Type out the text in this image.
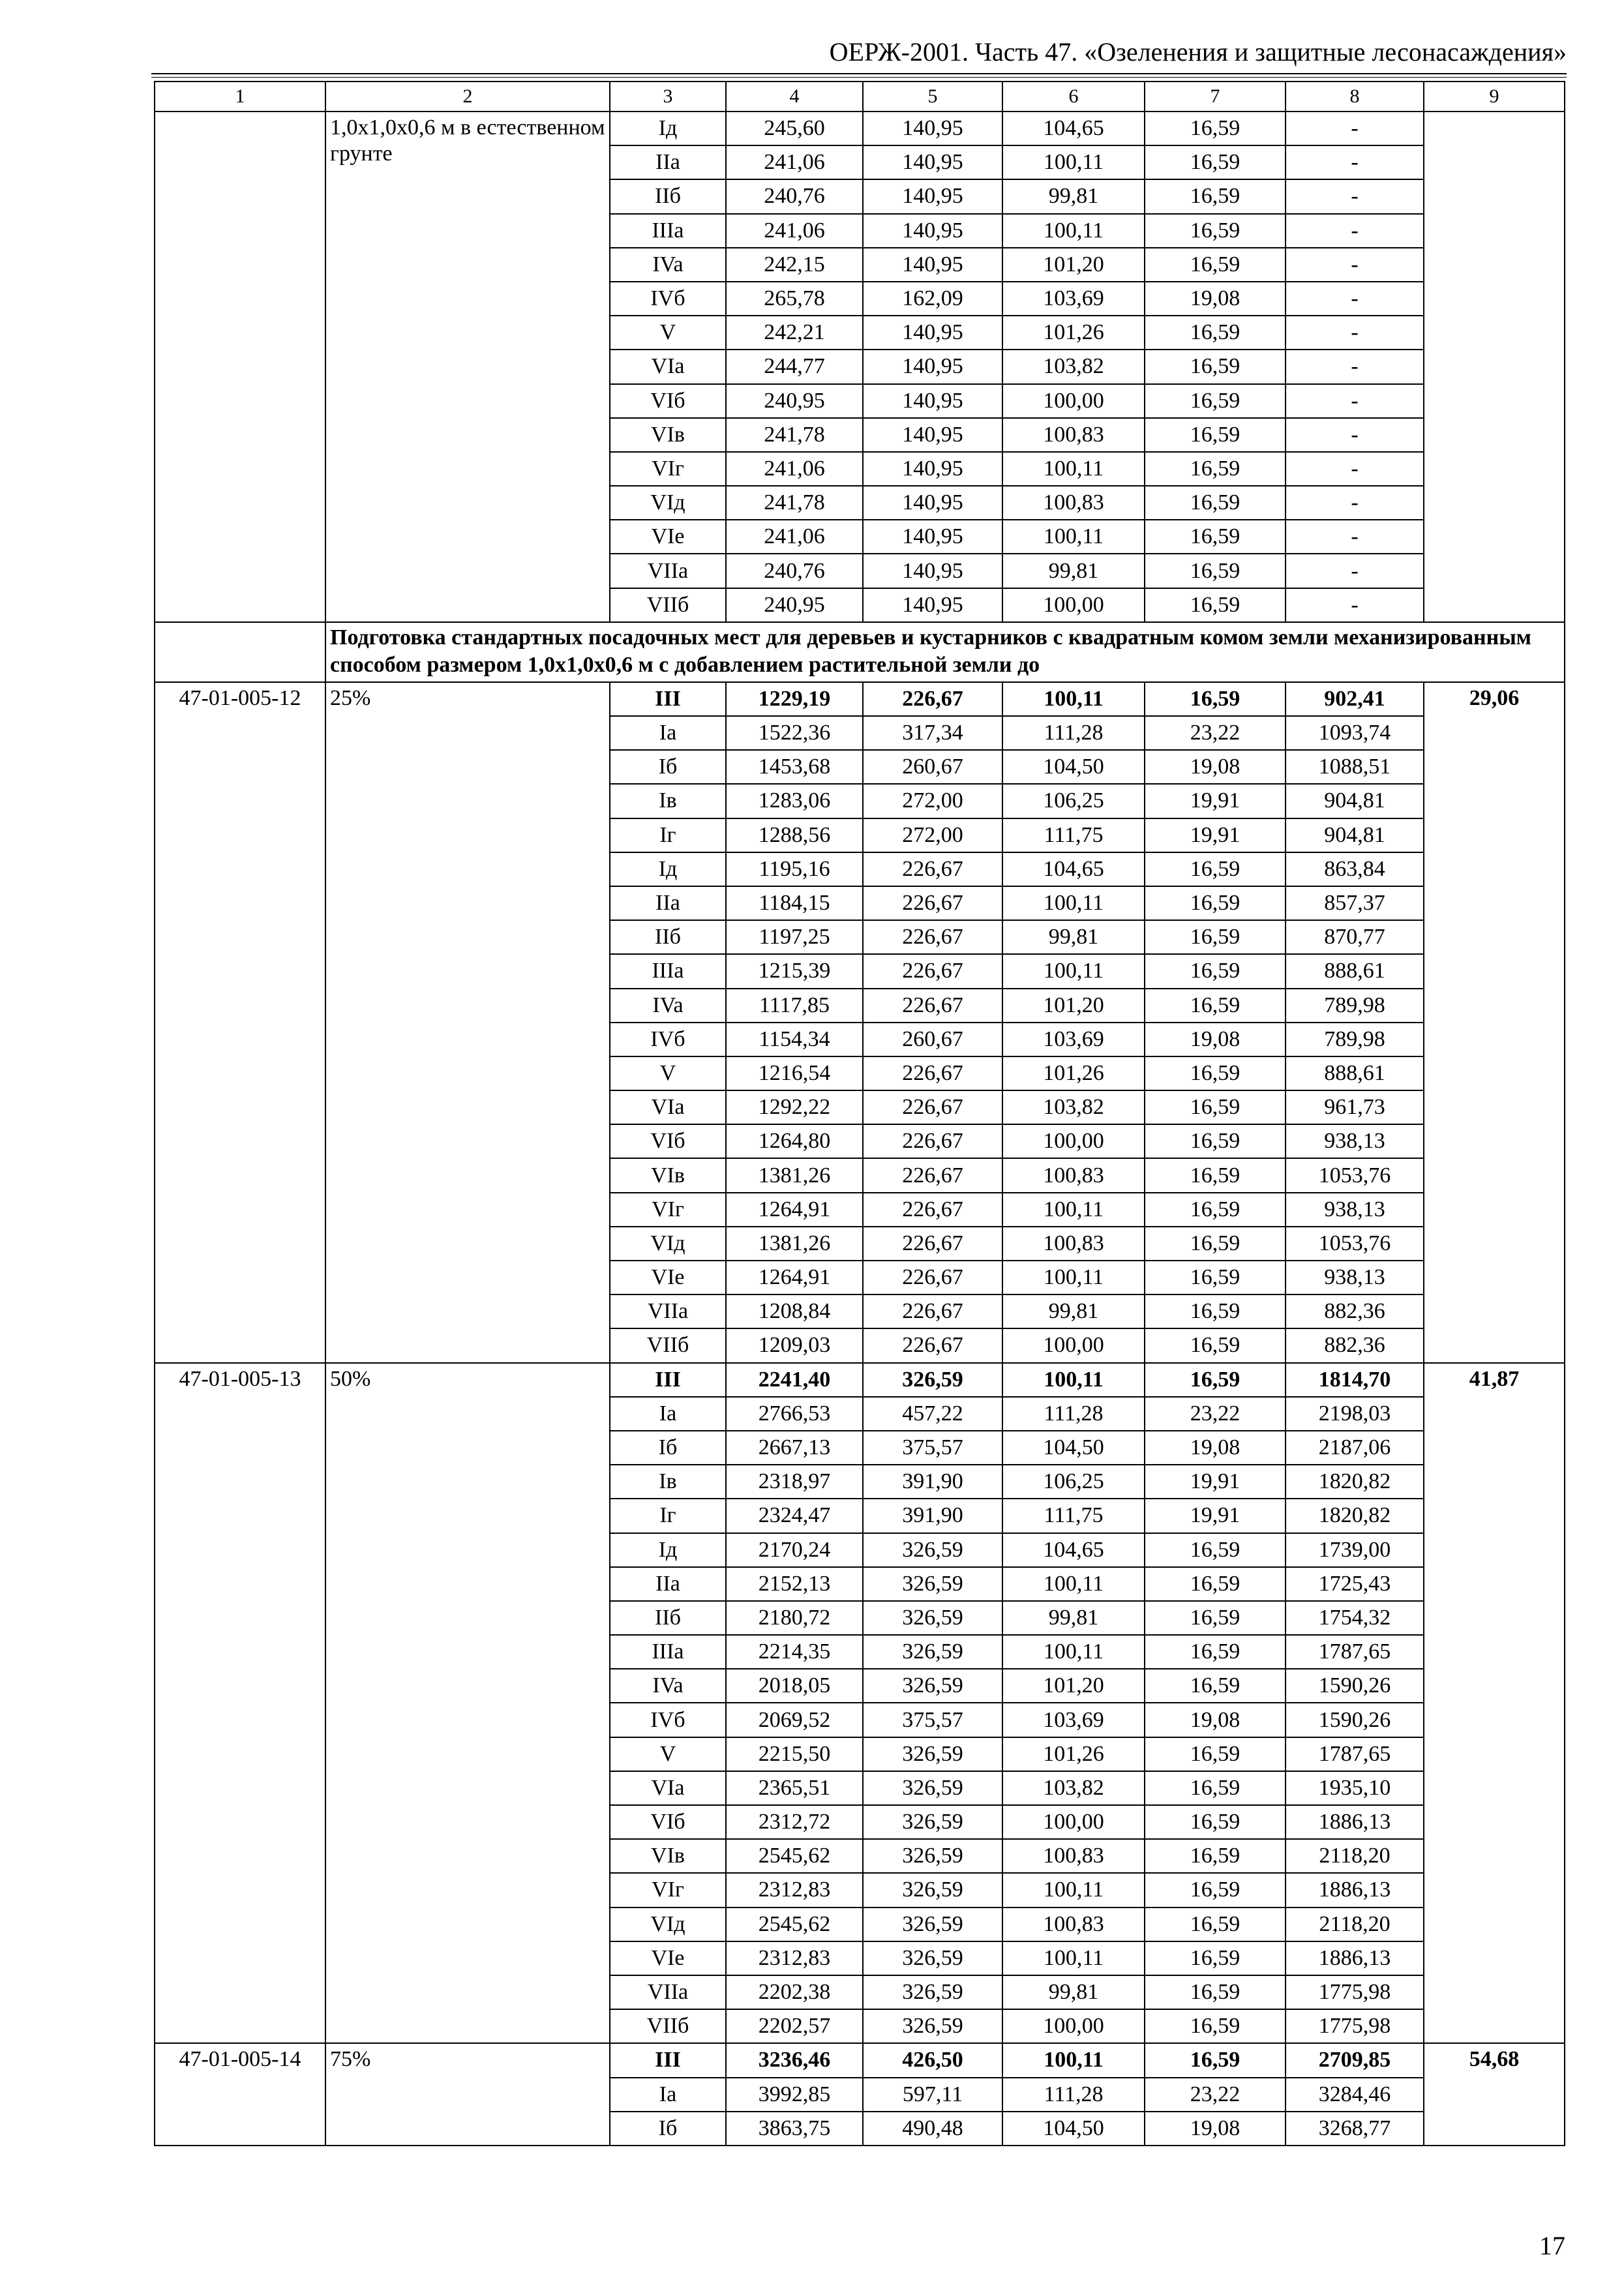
ОЕРЖ-2001. Часть 47. «Озеленения и защитные лесонасаждения»
1	2	3	4	5	6	7	8	9
	1,0х1,0х0,6 м в естественном грунте	Iд	245,60	140,95	104,65	16,59	-	
		IIa	241,06	140,95	100,11	16,59	-	
		IIб	240,76	140,95	99,81	16,59	-	
		IIIa	241,06	140,95	100,11	16,59	-	
		IVa	242,15	140,95	101,20	16,59	-	
		IVб	265,78	162,09	103,69	19,08	-	
		V	242,21	140,95	101,26	16,59	-	
		VIa	244,77	140,95	103,82	16,59	-	
		VIб	240,95	140,95	100,00	16,59	-	
		VIв	241,78	140,95	100,83	16,59	-	
		VIг	241,06	140,95	100,11	16,59	-	
		VIд	241,78	140,95	100,83	16,59	-	
		VIe	241,06	140,95	100,11	16,59	-	
		VIIa	240,76	140,95	99,81	16,59	-	
		VIIб	240,95	140,95	100,00	16,59	-	
	Подготовка стандартных посадочных мест для деревьев и кустарников с квадратным комом земли механизированным способом размером 1,0х1,0х0,6 м с добавлением растительной земли до							
47-01-005-12	25%	III	1229,19	226,67	100,11	16,59	902,41	29,06
		Ia	1522,36	317,34	111,28	23,22	1093,74	
		Iб	1453,68	260,67	104,50	19,08	1088,51	
		Iв	1283,06	272,00	106,25	19,91	904,81	
		Iг	1288,56	272,00	111,75	19,91	904,81	
		Iд	1195,16	226,67	104,65	16,59	863,84	
		IIa	1184,15	226,67	100,11	16,59	857,37	
		IIб	1197,25	226,67	99,81	16,59	870,77	
		IIIa	1215,39	226,67	100,11	16,59	888,61	
		IVa	1117,85	226,67	101,20	16,59	789,98	
		IVб	1154,34	260,67	103,69	19,08	789,98	
		V	1216,54	226,67	101,26	16,59	888,61	
		VIa	1292,22	226,67	103,82	16,59	961,73	
		VIб	1264,80	226,67	100,00	16,59	938,13	
		VIв	1381,26	226,67	100,83	16,59	1053,76	
		VIг	1264,91	226,67	100,11	16,59	938,13	
		VIд	1381,26	226,67	100,83	16,59	1053,76	
		VIe	1264,91	226,67	100,11	16,59	938,13	
		VIIa	1208,84	226,67	99,81	16,59	882,36	
		VIIб	1209,03	226,67	100,00	16,59	882,36	
47-01-005-13	50%	III	2241,40	326,59	100,11	16,59	1814,70	41,87
		Ia	2766,53	457,22	111,28	23,22	2198,03	
		Iб	2667,13	375,57	104,50	19,08	2187,06	
		Iв	2318,97	391,90	106,25	19,91	1820,82	
		Iг	2324,47	391,90	111,75	19,91	1820,82	
		Iд	2170,24	326,59	104,65	16,59	1739,00	
		IIa	2152,13	326,59	100,11	16,59	1725,43	
		IIб	2180,72	326,59	99,81	16,59	1754,32	
		IIIa	2214,35	326,59	100,11	16,59	1787,65	
		IVa	2018,05	326,59	101,20	16,59	1590,26	
		IVб	2069,52	375,57	103,69	19,08	1590,26	
		V	2215,50	326,59	101,26	16,59	1787,65	
		VIa	2365,51	326,59	103,82	16,59	1935,10	
		VIб	2312,72	326,59	100,00	16,59	1886,13	
		VIв	2545,62	326,59	100,83	16,59	2118,20	
		VIг	2312,83	326,59	100,11	16,59	1886,13	
		VIд	2545,62	326,59	100,83	16,59	2118,20	
		VIe	2312,83	326,59	100,11	16,59	1886,13	
		VIIa	2202,38	326,59	99,81	16,59	1775,98	
		VIIб	2202,57	326,59	100,00	16,59	1775,98	
47-01-005-14	75%	III	3236,46	426,50	100,11	16,59	2709,85	54,68
		Ia	3992,85	597,11	111,28	23,22	3284,46	
		Iб	3863,75	490,48	104,50	19,08	3268,77	
17
